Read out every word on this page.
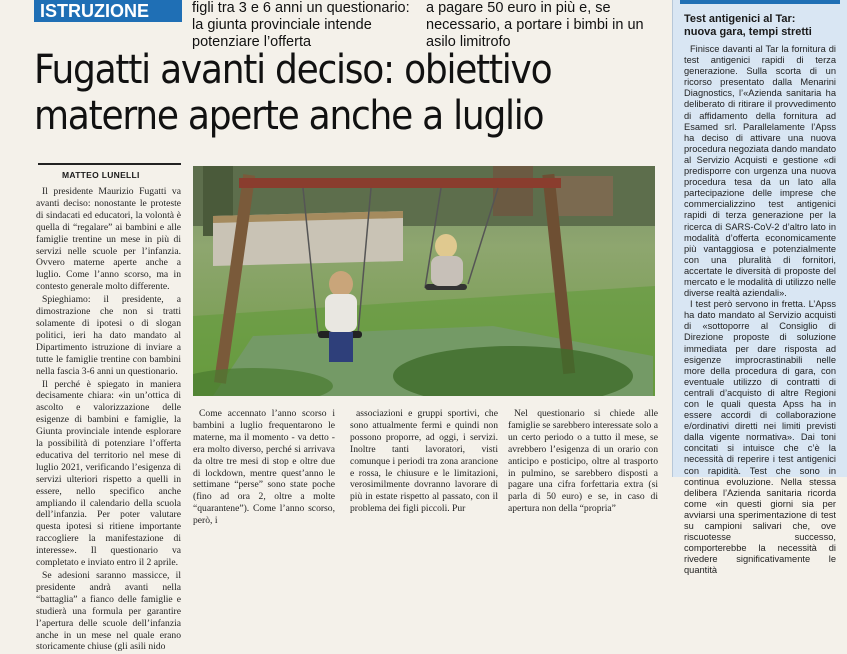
ISTRUZIONE	figli tra 3 e 6 anni un questionario: la giunta provinciale intende potenziare l’offerta
a pagare 50 euro in più e, se necessario, a portare i bimbi in un asilo limitrofo
Fugatti avanti deciso: obiettivo
materne aperte anche a luglio
MATTEO LUNELLI

Il presidente Maurizio Fugatti va avanti deciso: nonostante le proteste di sindacati ed educatori, la volontà è quella di “regalare” ai bambini e alle famiglie trentine un mese in più di servizi nelle scuole per l’infanzia. Ovvero materne aperte anche a luglio. Come l’anno scorso, ma in contesto generale molto differente.

Spieghiamo: il presidente, a dimostrazione che non si tratti solamente di ipotesi o di slogan politici, ieri ha dato mandato al Dipartimento istruzione di inviare a tutte le famiglie trentine con bambini nella fascia 3-6 anni un questionario.

Il perché è spiegato in maniera decisamente chiara: «in un’ottica di ascolto e valorizzazione delle esigenze di bambini e famiglie, la Giunta provinciale intende esplorare la possibilità di potenziare l’offerta educativa del territorio nel mese di luglio 2021, verificando l’esigenza di servizi ulteriori rispetto a quelli in essere, nello specifico anche ampliando il calendario della scuola dell’infanzia. Per poter valutare questa ipotesi si ritiene importante raccogliere la manifestazione di interesse». Il questionario va completato e inviato entro il 2 aprile.

Se adesioni saranno massicce, il presidente andrà avanti nella “battaglia” a fianco delle famiglie e studierà una formula per garantire l’apertura delle scuole dell’infanzia anche in un mese nel quale erano storicamente chiuse (gli asili nido

Come accennato l’anno scorso i bambini a luglio frequentarono le materne, ma il momento - va detto - era molto diverso, perché si arrivava da oltre tre mesi di stop e oltre due di lockdown, mentre quest’anno le settimane “perse” sono state poche (fino ad ora 2, oltre a molte “quarantene”). Come l’anno scorso, però, i

associazioni e gruppi sportivi, che sono attualmente fermi e quindi non possono proporre, ad oggi, i servizi. Inoltre tanti lavoratori, visti comunque i periodi tra zona arancione e rossa, le chiusure e le limitazioni, verosimilmente dovranno lavorare di più in estate rispetto al passato, con il problema dei figli piccoli. Pur

Nel questionario si chiede alle famiglie se sarebbero interessate solo a un certo periodo o a tutto il mese, se avrebbero l’esigenza di un orario con anticipo e posticipo, oltre al trasporto in pulmino, se sarebbero disposti a pagare una cifra forfettaria extra (si parla di 50 euro) e se, in caso di apertura non della “propria”

Test antigenici al Tar:
nuova gara, tempi stretti

Finisce davanti al Tar la fornitura di test antigenici rapidi di terza generazione. Sulla scorta di un ricorso presentato dalla Menarini Diagnostics, l’«Azienda sanitaria ha deliberato di ritirare il provvedimento di affidamento della fornitura ad Esamed srl. Parallelamente l’Apss ha deciso di attivare una nuova procedura negoziata dando mandato al Servizio Acquisti e gestione «di predisporre con urgenza una nuova procedura tesa da un lato alla partecipazione delle imprese che commercializzino test antigenici rapidi di terza generazione per la ricerca di SARS-CoV-2 d’altro lato in modalità d’offerta economicamente più vantaggiosa e potenzialmente con una pluralità di fornitori, accertate le diversità di proposte del mercato e le modalità di utilizzo nelle diverse realtà aziendali».

I test però servono in fretta. L’Apss ha dato mandato al Servizio acquisti di «sottoporre al Consiglio di Direzione proposte di soluzione immediata per dare risposta ad esigenze improcrastinabili nelle more della procedura di gara, con eventuale utilizzo di contratti di centrali d’acquisto di altre Regioni con le quali questa Apss ha in essere accordi di collaborazione e/ordinativi diretti nei limiti previsti dalla vigente normativa». Dai toni concitati si intuisce che c’è la necessità di reperire i test antigenici con rapidità. Test che sono in continua evoluzione. Nella stessa delibera l’Azienda sanitaria ricorda come «in questi giorni sia per avviarsi una sperimentazione di test su campioni salivari che, ove riscuotesse successo, comporterebbe la necessità di rivedere significativamente le quantità
